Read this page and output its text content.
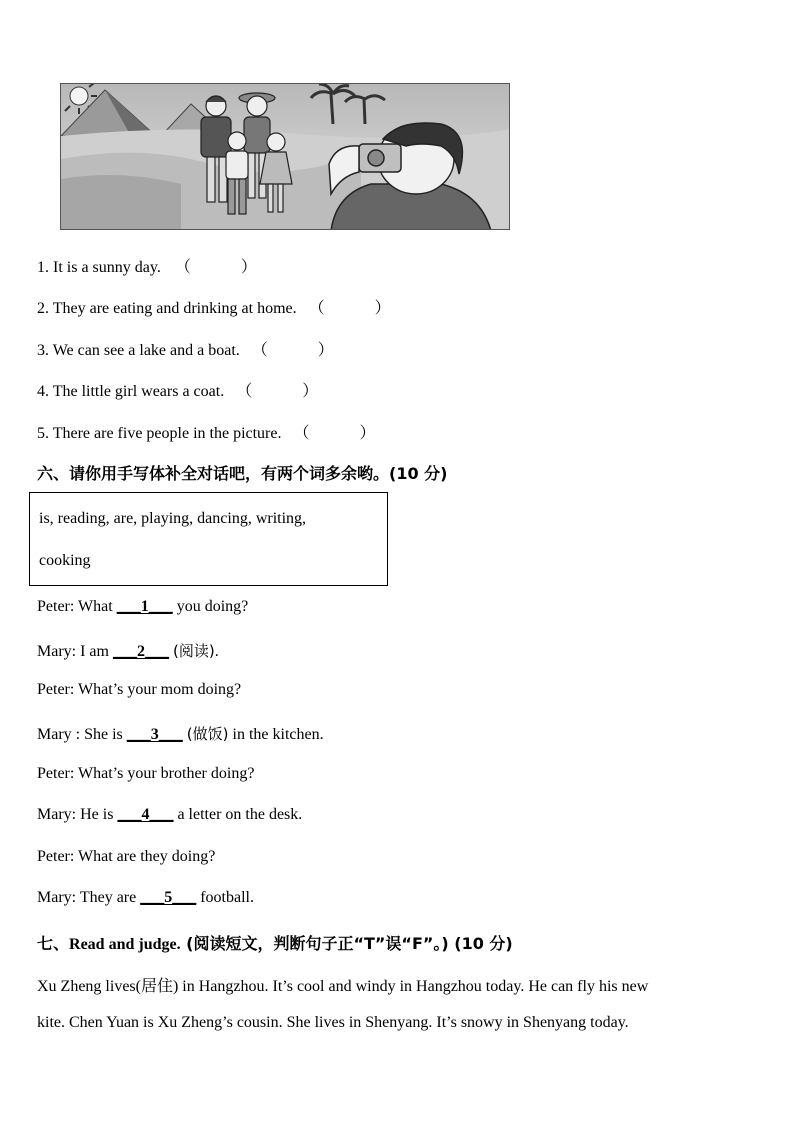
1. It is a sunny day. （	）
2. They are eating and drinking at home. （	）
3. We can see a lake and a boat. （	）
4. The little girl wears a coat. （	）
5. There are five people in the picture. （	）
六、请你用手写体补全对话吧，有两个词多余哟。(10 分)
is, reading, are, playing, dancing, writing,
cooking
Peter: What ___1___ you doing?
Mary: I am ___2___ (阅读).
Peter: What’s your mom doing?
Mary : She is ___3___ (做饭) in the kitchen.
Peter: What’s your brother doing?
Mary: He is ___4___ a letter on the desk.
Peter: What are they doing?
Mary: They are ___5___ football.
七、Read and judge. (阅读短文，判断句子正“T”误“F”。) (10 分)
Xu Zheng lives(居住) in Hangzhou. It’s cool and windy in Hangzhou today. He can fly his new
kite. Chen Yuan is Xu Zheng’s cousin. She lives in Shenyang. It’s snowy in Shenyang today.
